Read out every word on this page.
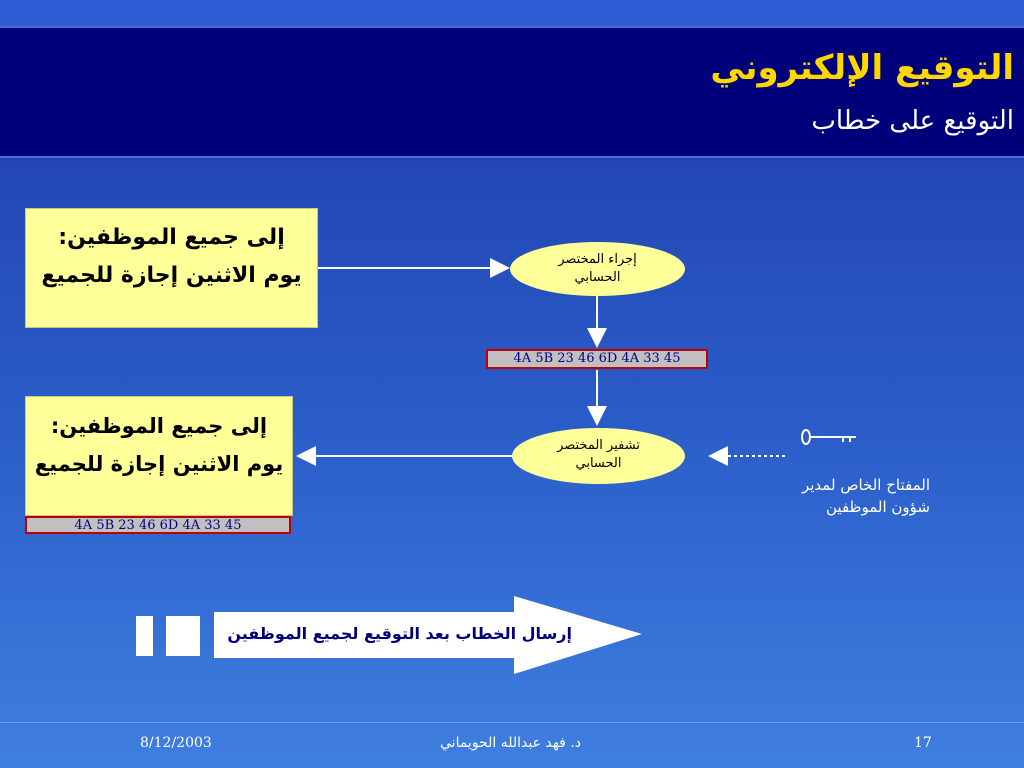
التوقيع الإلكتروني
التوقيع على خطاب
إلى جميع الموظفين:
يوم الاثنين إجازة للجميع
إلى جميع الموظفين:
يوم الاثنين إجازة للجميع
4A 5B 23 46 6D 4A 33 45
إجراء المختصر
الحسابي
4A 5B 23 46 6D 4A 33 45
تشفير المختصر
الحسابي
المفتاح الخاص لمدير
شؤون الموظفين
إرسال الخطاب بعد التوقيع لجميع الموظفين
8/12/2003	د. فهد عبدالله الحويماني	17
